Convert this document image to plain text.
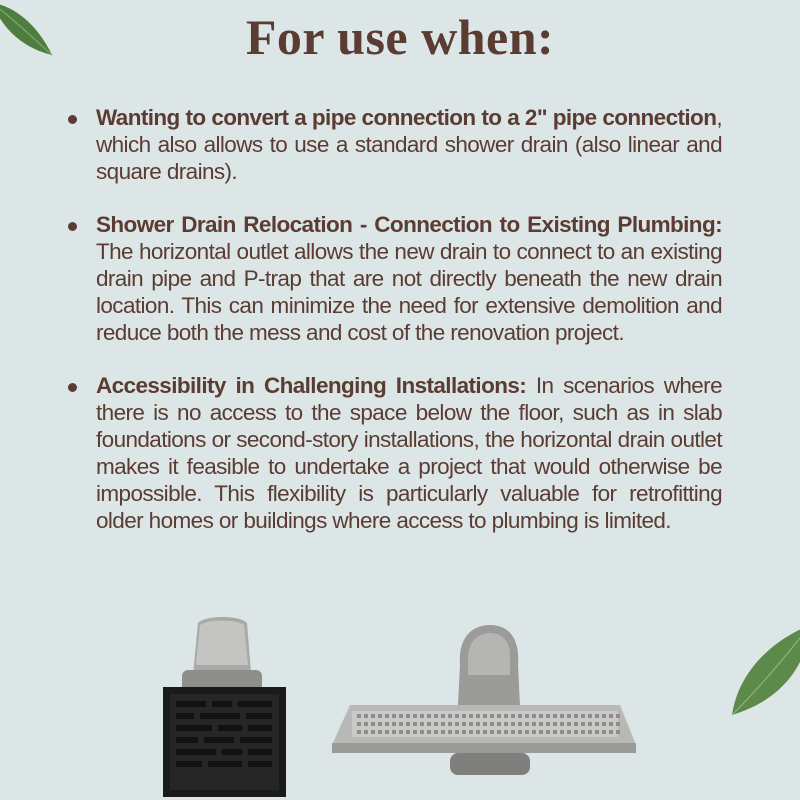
For use when:
Wanting to convert a pipe connection to a 2" pipe connection, which also allows to use a standard shower drain (also linear and square drains).
Shower Drain Relocation - Connection to Existing Plumbing: The horizontal outlet allows the new drain to connect to an existing drain pipe and P-trap that are not directly beneath the new drain location. This can minimize the need for extensive demolition and reduce both the mess and cost of the renovation project.
Accessibility in Challenging Installations: In scenarios where there is no access to the space below the floor, such as in slab foundations or second-story installations, the horizontal drain outlet makes it feasible to undertake a project that would otherwise be impossible. This flexibility is particularly valuable for retrofitting older homes or buildings where access to plumbing is limited.
